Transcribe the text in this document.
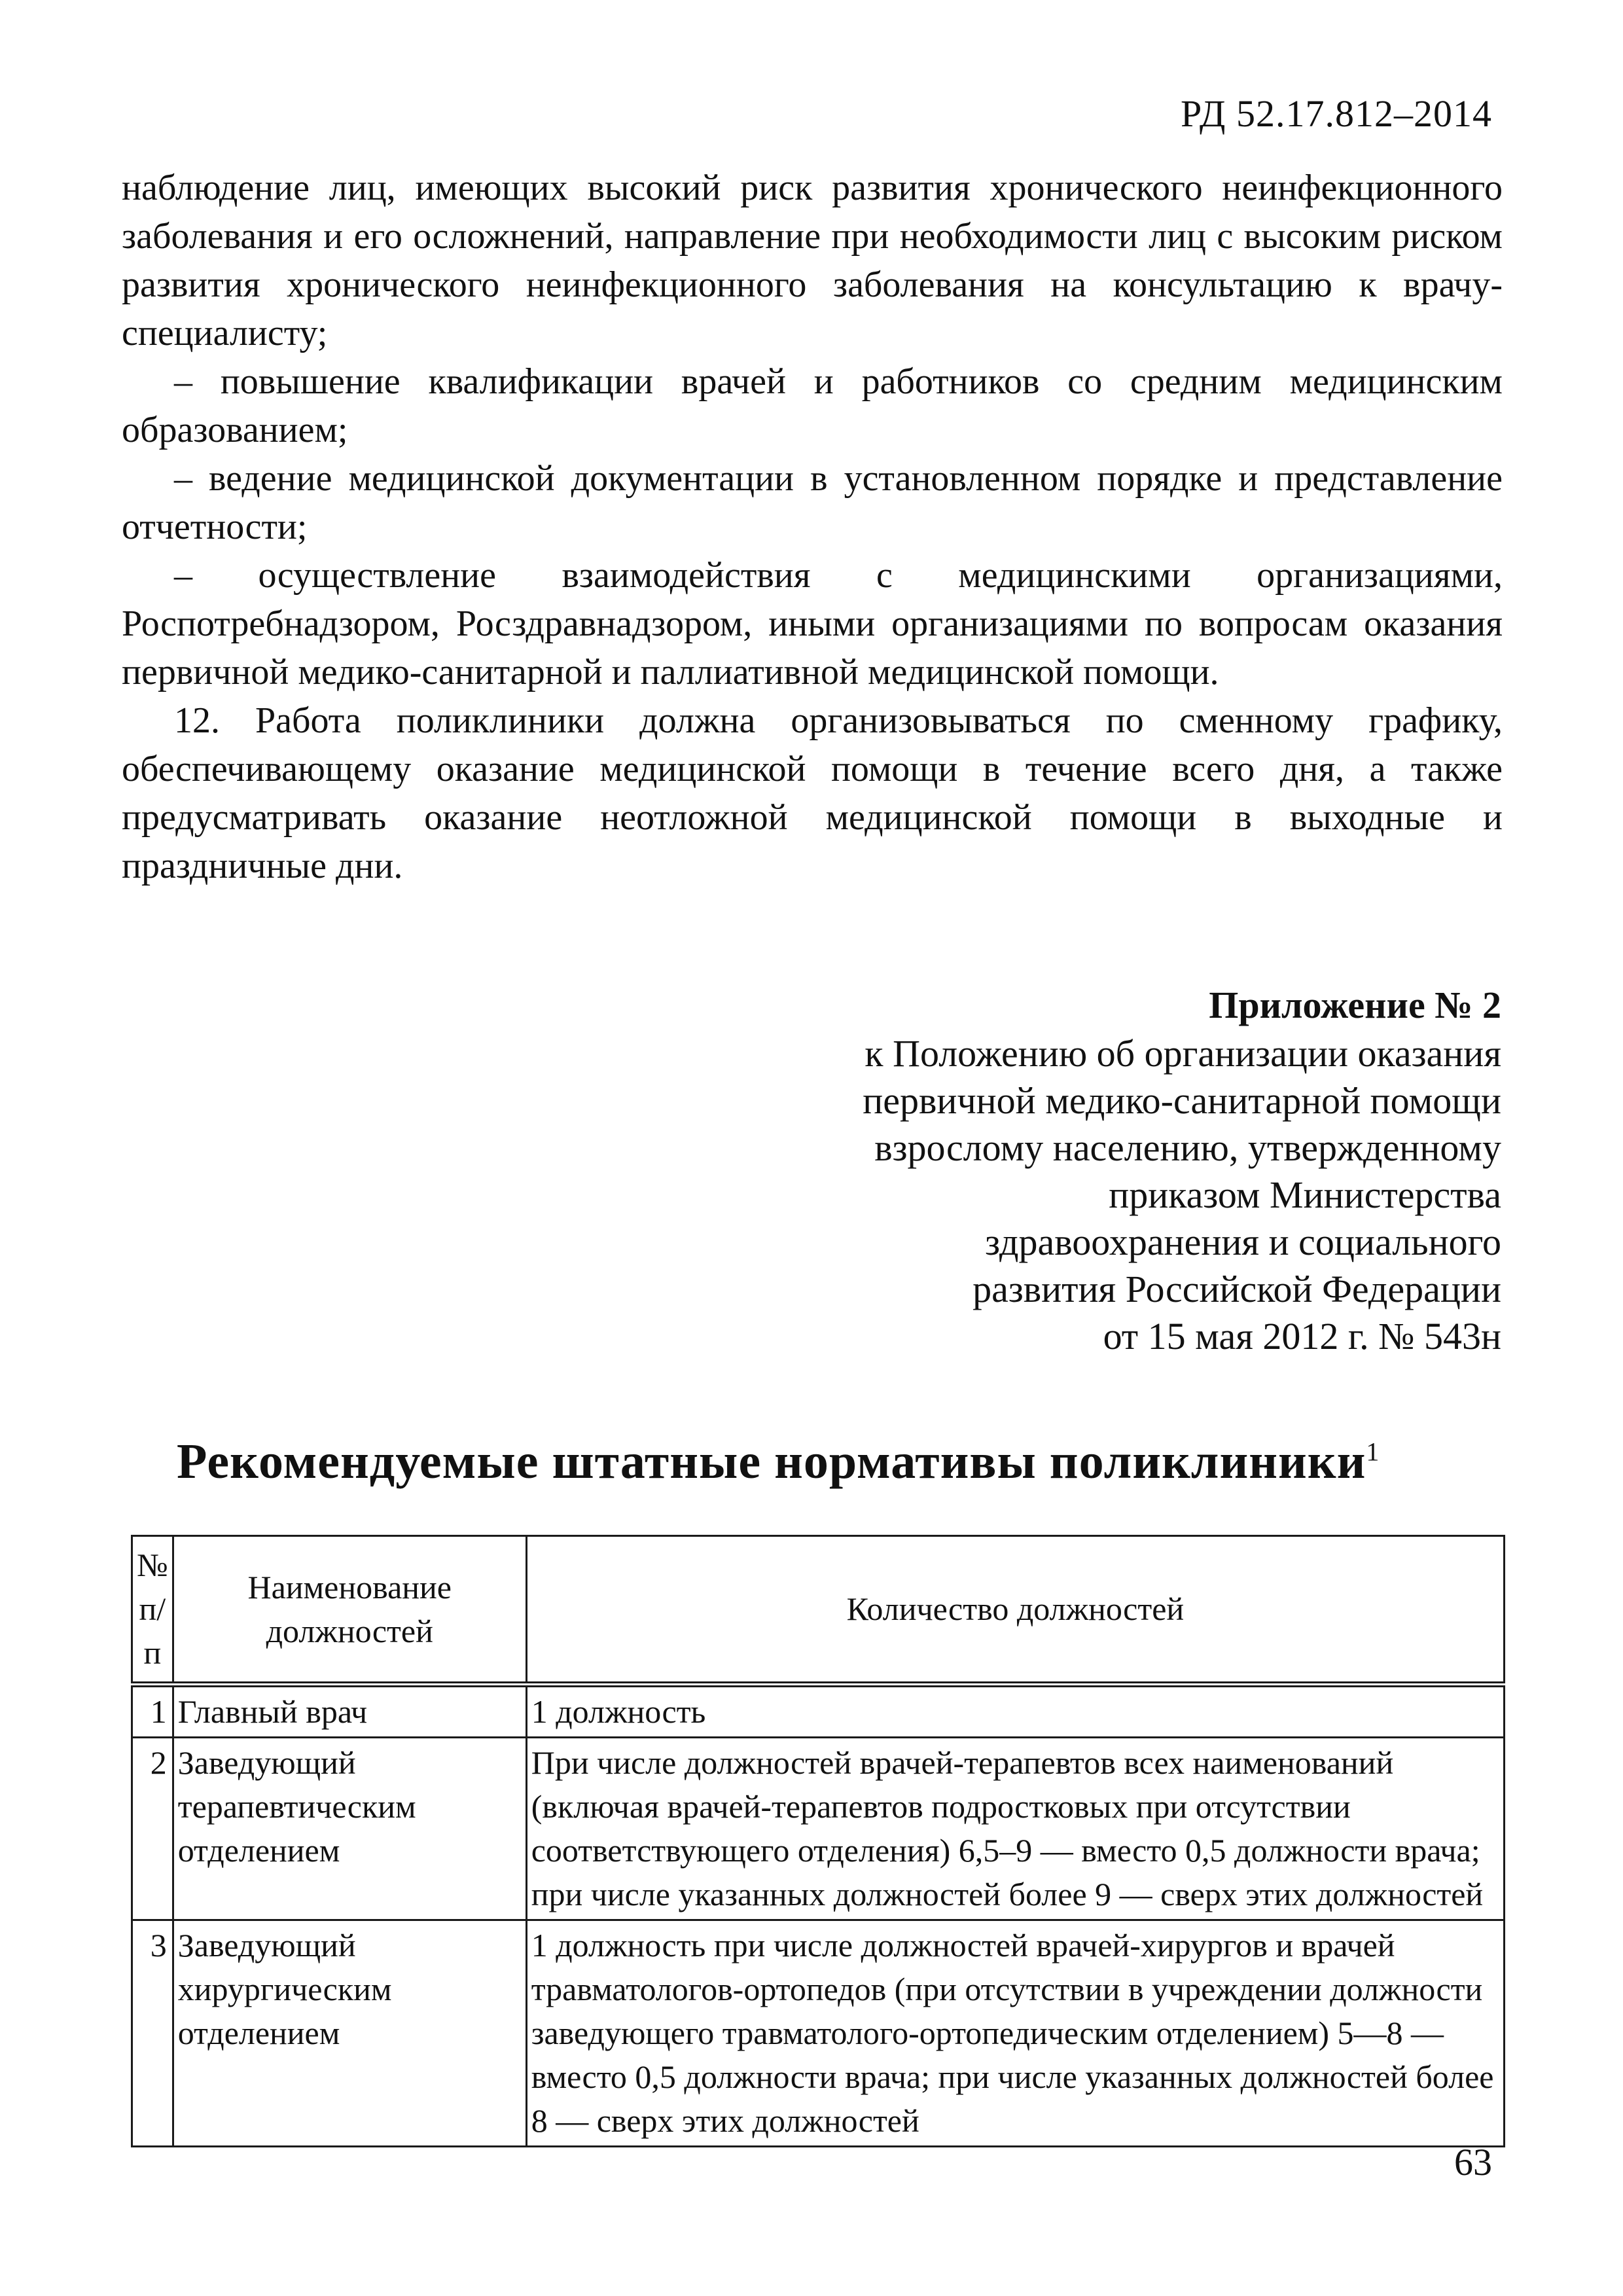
РД 52.17.812–2014

наблюдение лиц, имеющих высокий риск развития хронического неинфекционного заболевания и его осложнений, направление при необходимости лиц с высоким риском развития хронического неинфекционного заболевания на консультацию к врачу-специалисту;

– повышение квалификации врачей и работников со средним медицинским образованием;

– ведение медицинской документации в установленном порядке и представление отчетности;

– осуществление взаимодействия с медицинскими организациями, Роспотребнадзором, Росздравнадзором, иными организациями по вопросам оказания первичной медико-санитарной и паллиативной медицинской помощи.

12. Работа поликлиники должна организовываться по сменному графику, обеспечивающему оказание медицинской помощи в течение всего дня, а также предусматривать оказание неотложной медицинской помощи в выходные и праздничные дни.

Приложение № 2
к Положению об организации оказания
первичной медико-санитарной помощи
взрослому населению, утвержденному
приказом Министерства
здравоохранения и социального
развития Российской Федерации
от 15 мая 2012 г. № 543н
Рекомендуемые штатные нормативы поликлиники$^1$
№ п/п	Наименование должностей	Количество должностей
1	Главный врач	1 должность
2	Заведующий терапевтическим отделением	При числе должностей врачей-терапевтов всех наименований (включая врачей-терапевтов подростковых при отсутствии соответствующего отделения) 6,5–9 — вместо 0,5 должности врача; при числе указанных должностей более 9 — сверх этих должностей
3	Заведующий хирургическим отделением	1 должность при числе должностей врачей-хирургов и врачей травматологов-ортопедов (при отсутствии в учреждении должности заведующего травматолого-ортопедическим отделением) 5—8 — вместо 0,5 должности врача; при числе указанных должностей более 8 — сверх этих должностей
63
